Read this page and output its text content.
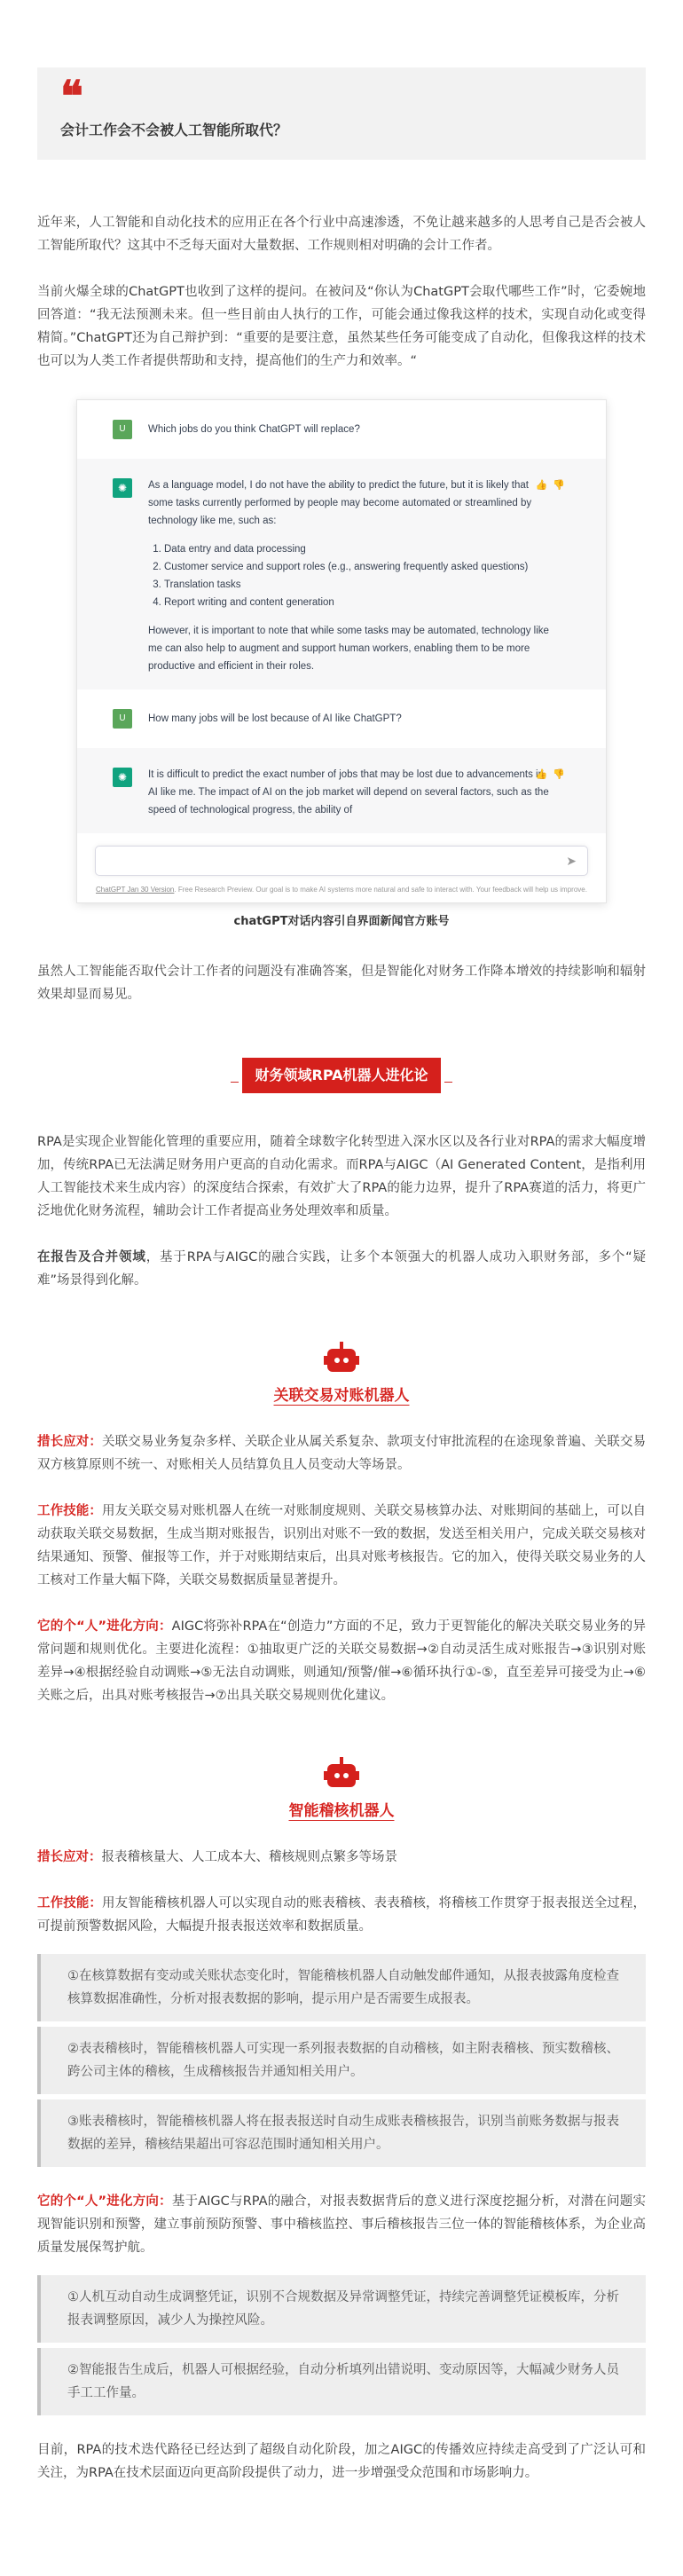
❝
会计工作会不会被人工智能所取代？

近年来，人工智能和自动化技术的应用正在各个行业中高速渗透，不免让越来越多的人思考自己是否会被人工智能所取代？这其中不乏每天面对大量数据、工作规则相对明确的会计工作者。

当前火爆全球的ChatGPT也收到了这样的提问。在被问及“你认为ChatGPT会取代哪些工作”时，它委婉地回答道：“我无法预测未来。但一些目前由人执行的工作，可能会通过像我这样的技术，实现自动化或变得精简。”ChatGPT还为自己辩护到：“重要的是要注意，虽然某些任务可能变成了自动化，但像我这样的技术也可以为人类工作者提供帮助和支持，提高他们的生产力和效率。“

U	Which jobs do you think ChatGPT will replace?
✺	As a language model, I do not have the ability to predict the future, but it is likely that some tasks currently performed by people may become automated or streamlined by technology like me, such as:

1. Data entry and data processing
2. Customer service and support roles (e.g., answering frequently asked questions)
3. Translation tasks
4. Report writing and content generation

However, it is important to note that while some tasks may be automated, technology like me can also help to augment and support human workers, enabling them to be more productive and efficient in their roles.

👍👎
U	How many jobs will be lost because of AI like ChatGPT?
✺	It is difficult to predict the exact number of jobs that may be lost due to advancements in AI like me. The impact of AI on the job market will depend on several factors, such as the speed of technological progress, the ability of

👍👎
➤
ChatGPT Jan 30 Version. Free Research Preview. Our goal is to make AI systems more natural and safe to interact with. Your feedback will help us improve.
chatGPT对话内容引自界面新闻官方账号

虽然人工智能能否取代会计工作者的问题没有准确答案，但是智能化对财务工作降本增效的持续影响和辐射效果却显而易见。

财务领域RPA机器人进化论

RPA是实现企业智能化管理的重要应用，随着全球数字化转型进入深水区以及各行业对RPA的需求大幅度增加，传统RPA已无法满足财务用户更高的自动化需求。而RPA与AIGC（AI Generated Content，是指利用人工智能技术来生成内容）的深度结合探索，有效扩大了RPA的能力边界，提升了RPA赛道的活力，将更广泛地优化财务流程，辅助会计工作者提高业务处理效率和质量。

在报告及合并领域，基于RPA与AIGC的融合实践，让多个本领强大的机器人成功入职财务部，多个“疑难”场景得到化解。

关联交易对账机器人

措长应对：关联交易业务复杂多样、关联企业从属关系复杂、款项支付审批流程的在途现象普遍、关联交易双方核算原则不统一、对账相关人员结算负且人员变动大等场景。

工作技能：用友关联交易对账机器人在统一对账制度规则、关联交易核算办法、对账期间的基础上，可以自动获取关联交易数据，生成当期对账报告，识别出对账不一致的数据，发送至相关用户，完成关联交易核对结果通知、预警、催报等工作，并于对账期结束后，出具对账考核报告。它的加入，使得关联交易业务的人工核对工作量大幅下降，关联交易数据质量显著提升。

它的个“人”进化方向：AIGC将弥补RPA在“创造力”方面的不足，致力于更智能化的解决关联交易业务的异常问题和规则优化。主要进化流程：①抽取更广泛的关联交易数据→②自动灵活生成对账报告→③识别对账差异→④根据经验自动调账→⑤无法自动调账，则通知/预警/催→⑥循环执行①-⑤，直至差异可接受为止→⑥关账之后，出具对账考核报告→⑦出具关联交易规则优化建议。

智能稽核机器人

措长应对：报表稽核量大、人工成本大、稽核规则点繁多等场景

工作技能：用友智能稽核机器人可以实现自动的账表稽核、表表稽核，将稽核工作贯穿于报表报送全过程，可提前预警数据风险，大幅提升报表报送效率和数据质量。

①在核算数据有变动或关账状态变化时，智能稽核机器人自动触发邮件通知，从报表披露角度检查核算数据准确性，分析对报表数据的影响，提示用户是否需要生成报表。
②表表稽核时，智能稽核机器人可实现一系列报表数据的自动稽核，如主附表稽核、预实数稽核、跨公司主体的稽核，生成稽核报告并通知相关用户。
③账表稽核时，智能稽核机器人将在报表报送时自动生成账表稽核报告，识别当前账务数据与报表数据的差异，稽核结果超出可容忍范围时通知相关用户。

它的个“人”进化方向：基于AIGC与RPA的融合，对报表数据背后的意义进行深度挖掘分析，对潜在问题实现智能识别和预警，建立事前预防预警、事中稽核监控、事后稽核报告三位一体的智能稽核体系，为企业高质量发展保驾护航。

①人机互动自动生成调整凭证，识别不合规数据及异常调整凭证，持续完善调整凭证模板库，分析报表调整原因，减少人为操控风险。
②智能报告生成后，机器人可根据经验，自动分析填列出错说明、变动原因等，大幅减少财务人员手工工作量。

目前，RPA的技术迭代路径已经达到了超级自动化阶段，加之AIGC的传播效应持续走高受到了广泛认可和关注，为RPA在技术层面迈向更高阶段提供了动力，进一步增强受众范围和市场影响力。
